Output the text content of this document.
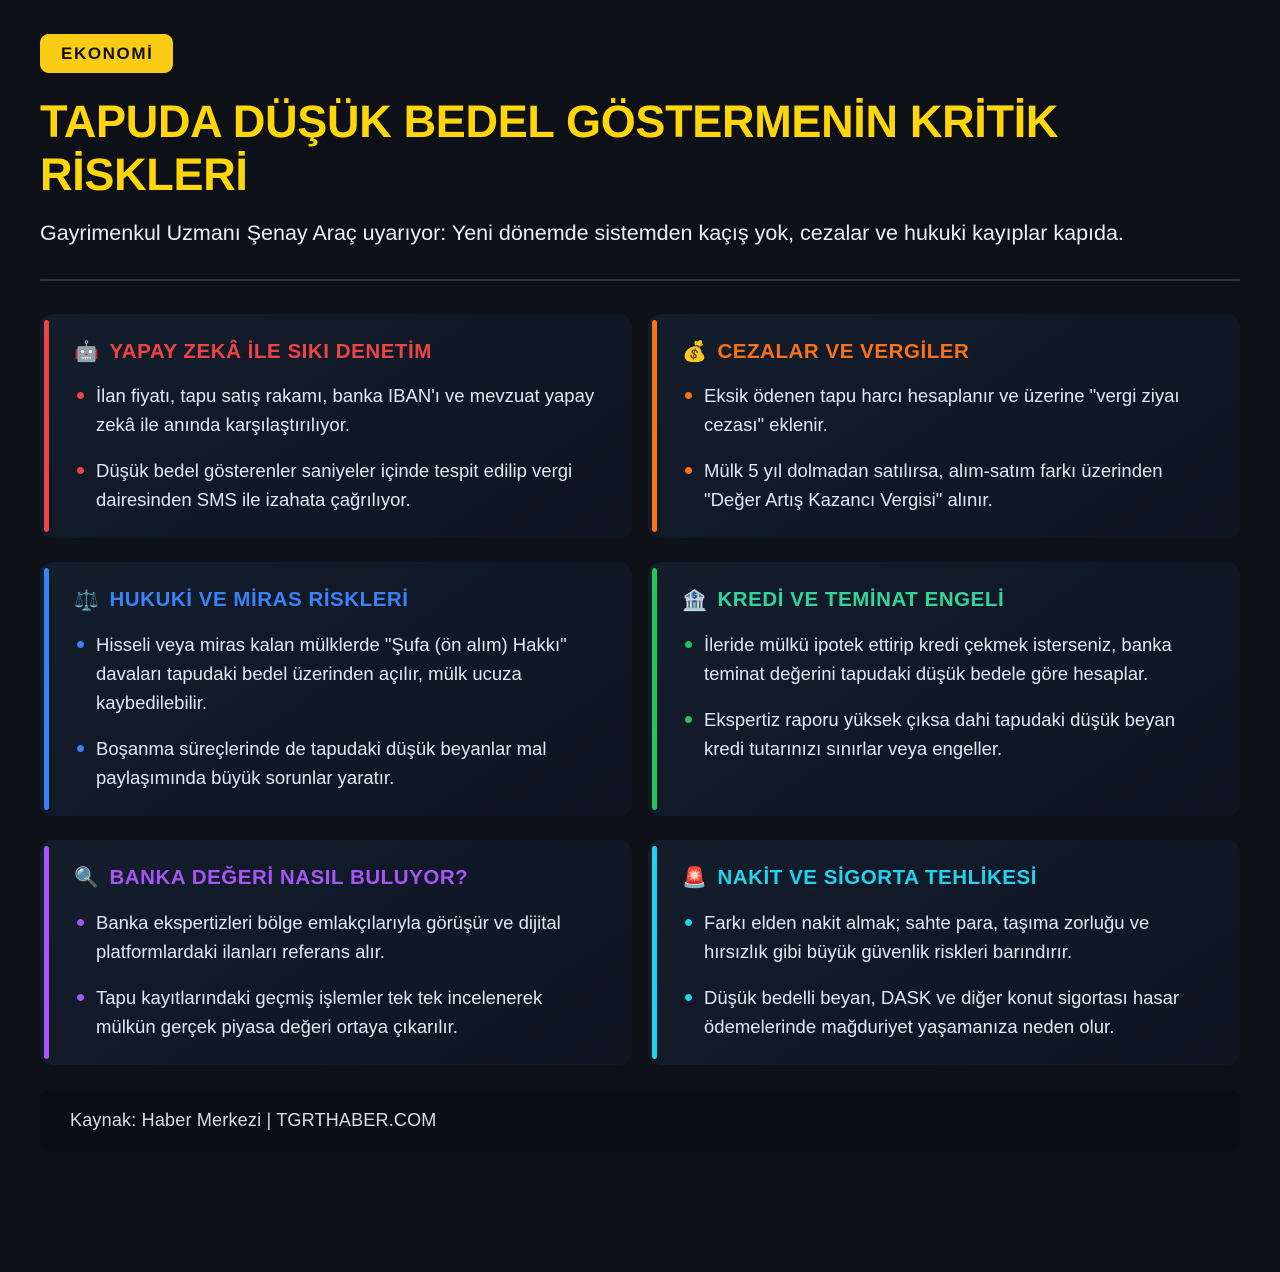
EKONOMİ
TAPUDA DÜŞÜK BEDEL GÖSTERMENİN KRİTİK RİSKLERİ

Gayrimenkul Uzmanı Şenay Araç uyarıyor: Yeni dönemde sistemden kaçış yok, cezalar ve hukuki kayıplar kapıda.

🤖 YAPAY ZEKÂ İLE SIKI DENETİM
İlan fiyatı, tapu satış rakamı, banka IBAN'ı ve mevzuat yapay zekâ ile anında karşılaştırılıyor.
Düşük bedel gösterenler saniyeler içinde tespit edilip vergi dairesinden SMS ile izahata çağrılıyor.
💰 CEZALAR VE VERGİLER
Eksik ödenen tapu harcı hesaplanır ve üzerine "vergi ziyaı cezası" eklenir.
Mülk 5 yıl dolmadan satılırsa, alım-satım farkı üzerinden "Değer Artış Kazancı Vergisi" alınır.
⚖️ HUKUKİ VE MİRAS RİSKLERİ
Hisseli veya miras kalan mülklerde "Şufa (ön alım) Hakkı" davaları tapudaki bedel üzerinden açılır, mülk ucuza kaybedilebilir.
Boşanma süreçlerinde de tapudaki düşük beyanlar mal paylaşımında büyük sorunlar yaratır.
🏦 KREDİ VE TEMİNAT ENGELİ
İleride mülkü ipotek ettirip kredi çekmek isterseniz, banka teminat değerini tapudaki düşük bedele göre hesaplar.
Ekspertiz raporu yüksek çıksa dahi tapudaki düşük beyan kredi tutarınızı sınırlar veya engeller.
🔍 BANKA DEĞERİ NASIL BULUYOR?
Banka ekspertizleri bölge emlakçılarıyla görüşür ve dijital platformlardaki ilanları referans alır.
Tapu kayıtlarındaki geçmiş işlemler tek tek incelenerek mülkün gerçek piyasa değeri ortaya çıkarılır.
🚨 NAKİT VE SİGORTA TEHLİKESİ
Farkı elden nakit almak; sahte para, taşıma zorluğu ve hırsızlık gibi büyük güvenlik riskleri barındırır.
Düşük bedelli beyan, DASK ve diğer konut sigortası hasar ödemelerinde mağduriyet yaşamanıza neden olur.
Kaynak: Haber Merkezi | TGRTHABER.COM
